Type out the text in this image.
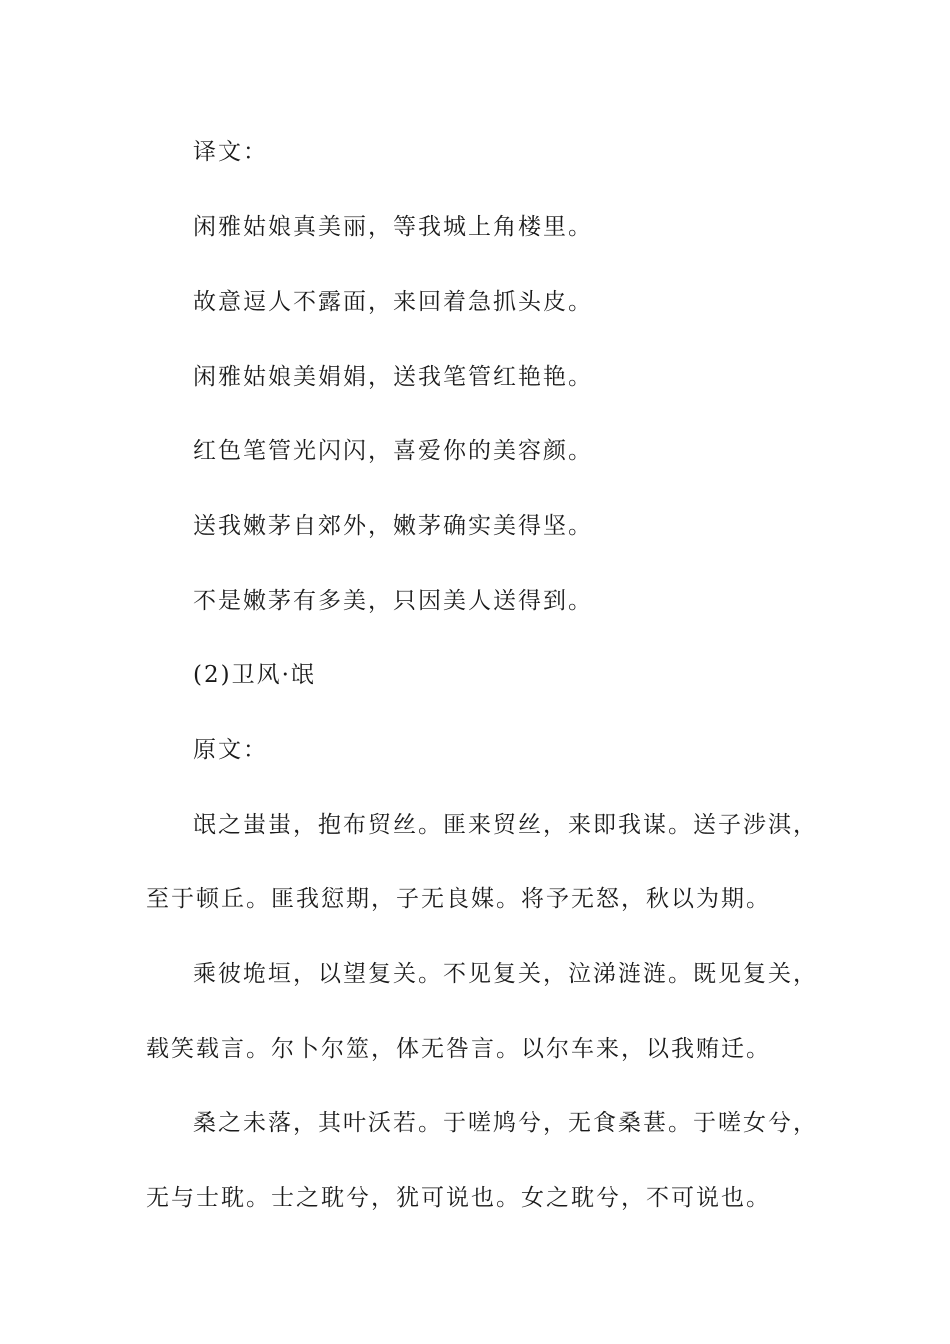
译文：
闲雅姑娘真美丽，等我城上角楼里。
故意逗人不露面，来回着急抓头皮。
闲雅姑娘美娟娟，送我笔管红艳艳。
红色笔管光闪闪，喜爱你的美容颜。
送我嫩茅自郊外，嫩茅确实美得坚。
不是嫩茅有多美，只因美人送得到。
(2)卫风·氓
原文：
氓之蚩蚩，抱布贸丝。匪来贸丝，来即我谋。送子涉淇，
至于顿丘。匪我愆期，子无良媒。将予无怒，秋以为期。
乘彼垝垣，以望复关。不见复关，泣涕涟涟。既见复关，
载笑载言。尔卜尔筮，体无咎言。以尔车来，以我贿迁。
桑之未落，其叶沃若。于嗟鸠兮，无食桑葚。于嗟女兮，
无与士耽。士之耽兮，犹可说也。女之耽兮，不可说也。
